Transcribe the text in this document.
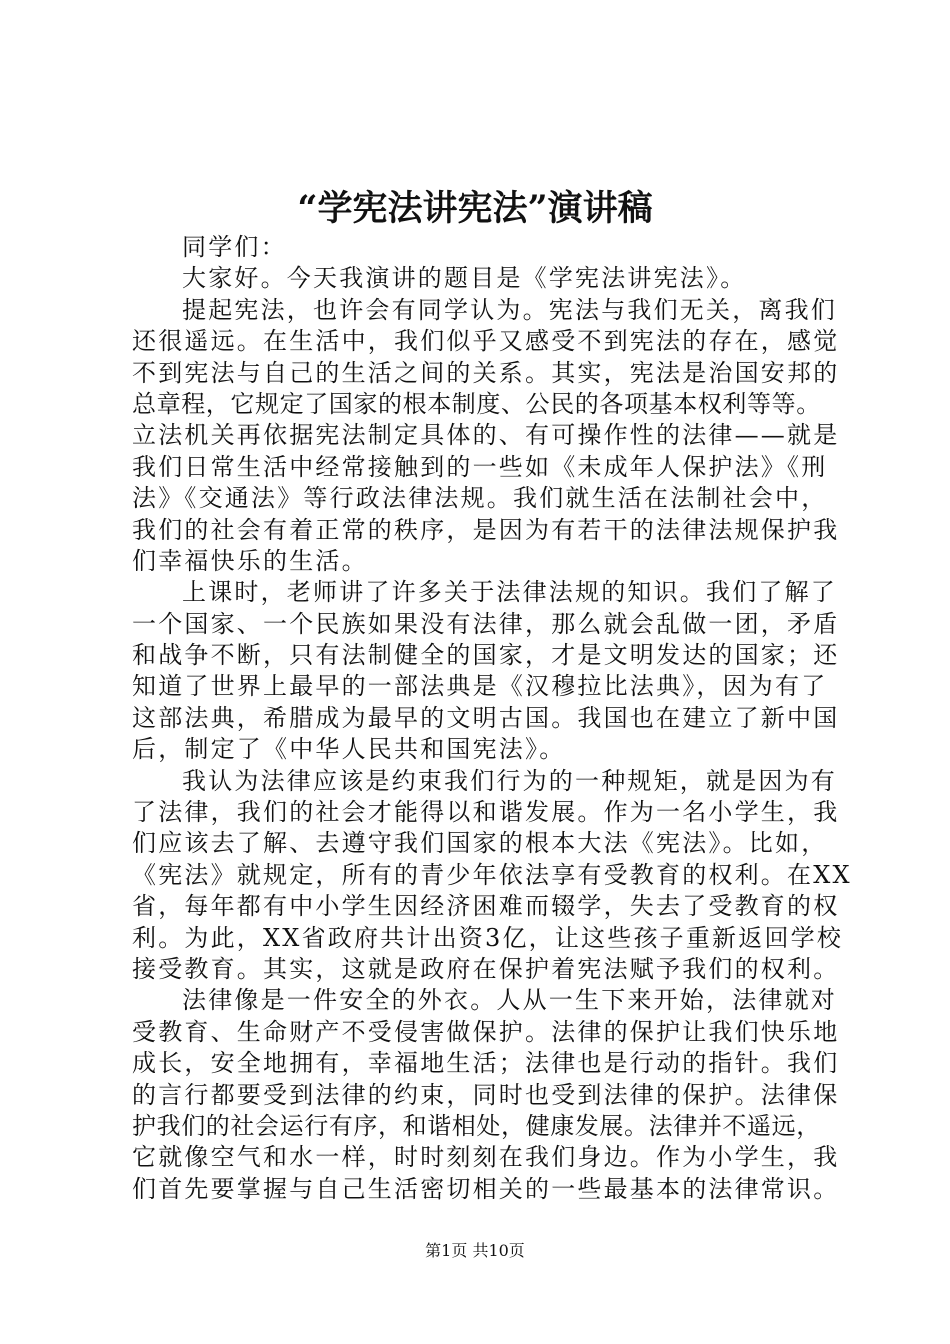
“学宪法讲宪法”演讲稿
同学们：
大家好。今天我演讲的题目是《学宪法讲宪法》。
提起宪法，也许会有同学认为。宪法与我们无关，离我们
还很遥远。在生活中，我们似乎又感受不到宪法的存在，感觉
不到宪法与自己的生活之间的关系。其实，宪法是治国安邦的
总章程，它规定了国家的根本制度、公民的各项基本权利等等。
立法机关再依据宪法制定具体的、有可操作性的法律——就是
我们日常生活中经常接触到的一些如《未成年人保护法》《刑
法》《交通法》等行政法律法规。我们就生活在法制社会中，
我们的社会有着正常的秩序，是因为有若干的法律法规保护我
们幸福快乐的生活。
上课时，老师讲了许多关于法律法规的知识。我们了解了
一个国家、一个民族如果没有法律，那么就会乱做一团，矛盾
和战争不断，只有法制健全的国家，才是文明发达的国家；还
知道了世界上最早的一部法典是《汉穆拉比法典》，因为有了
这部法典，希腊成为最早的文明古国。我国也在建立了新中国
后，制定了《中华人民共和国宪法》。
我认为法律应该是约束我们行为的一种规矩，就是因为有
了法律，我们的社会才能得以和谐发展。作为一名小学生，我
们应该去了解、去遵守我们国家的根本大法《宪法》。比如，
《宪法》就规定，所有的青少年依法享有受教育的权利。在XX
省，每年都有中小学生因经济困难而辍学，失去了受教育的权
利。为此，XX省政府共计出资3亿，让这些孩子重新返回学校
接受教育。其实，这就是政府在保护着宪法赋予我们的权利。
法律像是一件安全的外衣。人从一生下来开始，法律就对
受教育、生命财产不受侵害做保护。法律的保护让我们快乐地
成长，安全地拥有，幸福地生活；法律也是行动的指针。我们
的言行都要受到法律的约束，同时也受到法律的保护。法律保
护我们的社会运行有序，和谐相处，健康发展。法律并不遥远，
它就像空气和水一样，时时刻刻在我们身边。作为小学生，我
们首先要掌握与自己生活密切相关的一些最基本的法律常识。
第1页 共10页
